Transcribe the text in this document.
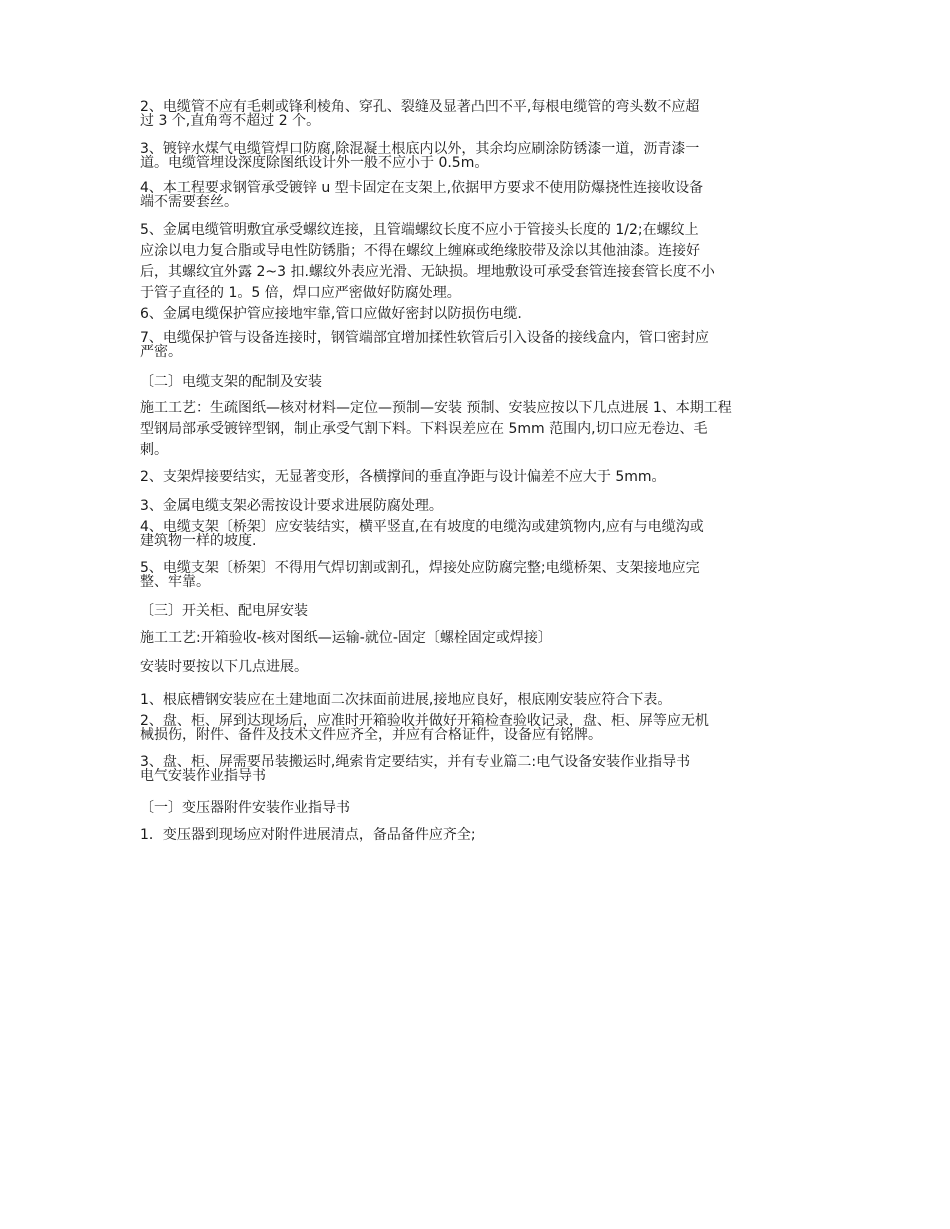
2、电缆管不应有毛刺或锋利棱角、穿孔、裂缝及显著凸凹不平,每根电缆管的弯头数不应超
过 3 个,直角弯不超过 2 个。
3、镀锌水煤气电缆管焊口防腐,除混凝土根底内以外，其余均应刷涂防锈漆一道，沥青漆一
道。电缆管埋设深度除图纸设计外一般不应小于 0.5m。
4、本工程要求钢管承受镀锌 u 型卡固定在支架上,依据甲方要求不使用防爆挠性连接收设备
端不需要套丝。
5、金属电缆管明敷宜承受螺纹连接，且管端螺纹长度不应小于管接头长度的 1/2;在螺纹上
应涂以电力复合脂或导电性防锈脂；不得在螺纹上缠麻或绝缘胶带及涂以其他油漆。连接好
后，其螺纹宜外露 2~3 扣.螺纹外表应光滑、无缺损。埋地敷设可承受套管连接套管长度不小
于管子直径的 1。5 倍，焊口应严密做好防腐处理。
6、金属电缆保护管应接地牢靠,管口应做好密封以防损伤电缆.
7、电缆保护管与设备连接时，钢管端部宜增加揉性软管后引入设备的接线盒内，管口密封应
严密。
〔二〕电缆支架的配制及安装
施工工艺：生疏图纸—核对材料—定位—预制—安装 预制、安装应按以下几点进展 1、本期工程
型钢局部承受镀锌型钢，制止承受气割下料。下料误差应在 5mm 范围内,切口应无卷边、毛
刺。
2、支架焊接要结实，无显著变形，各横撑间的垂直净距与设计偏差不应大于 5mm。
3、金属电缆支架必需按设计要求进展防腐处理。
4、电缆支架〔桥架〕应安装结实，横平竖直,在有坡度的电缆沟或建筑物内,应有与电缆沟或
建筑物一样的坡度.
5、电缆支架〔桥架〕不得用气焊切割或割孔，焊接处应防腐完整;电缆桥架、支架接地应完
整、牢靠。
〔三〕开关柜、配电屏安装
施工工艺:开箱验收-核对图纸—运输-就位-固定〔螺栓固定或焊接〕
安装时要按以下几点进展。
1、根底槽钢安装应在土建地面二次抹面前进展,接地应良好，根底刚安装应符合下表。
2、盘、柜、屏到达现场后，应准时开箱验收并做好开箱检查验收记录，盘、柜、屏等应无机
械损伤，附件、备件及技术文件应齐全，并应有合格证件，设备应有铭牌。
3、盘、柜、屏需要吊装搬运时,绳索肯定要结实，并有专业篇二:电气设备安装作业指导书
电气安装作业指导书
〔一〕变压器附件安装作业指导书
1．变压器到现场应对附件进展清点，备品备件应齐全;
